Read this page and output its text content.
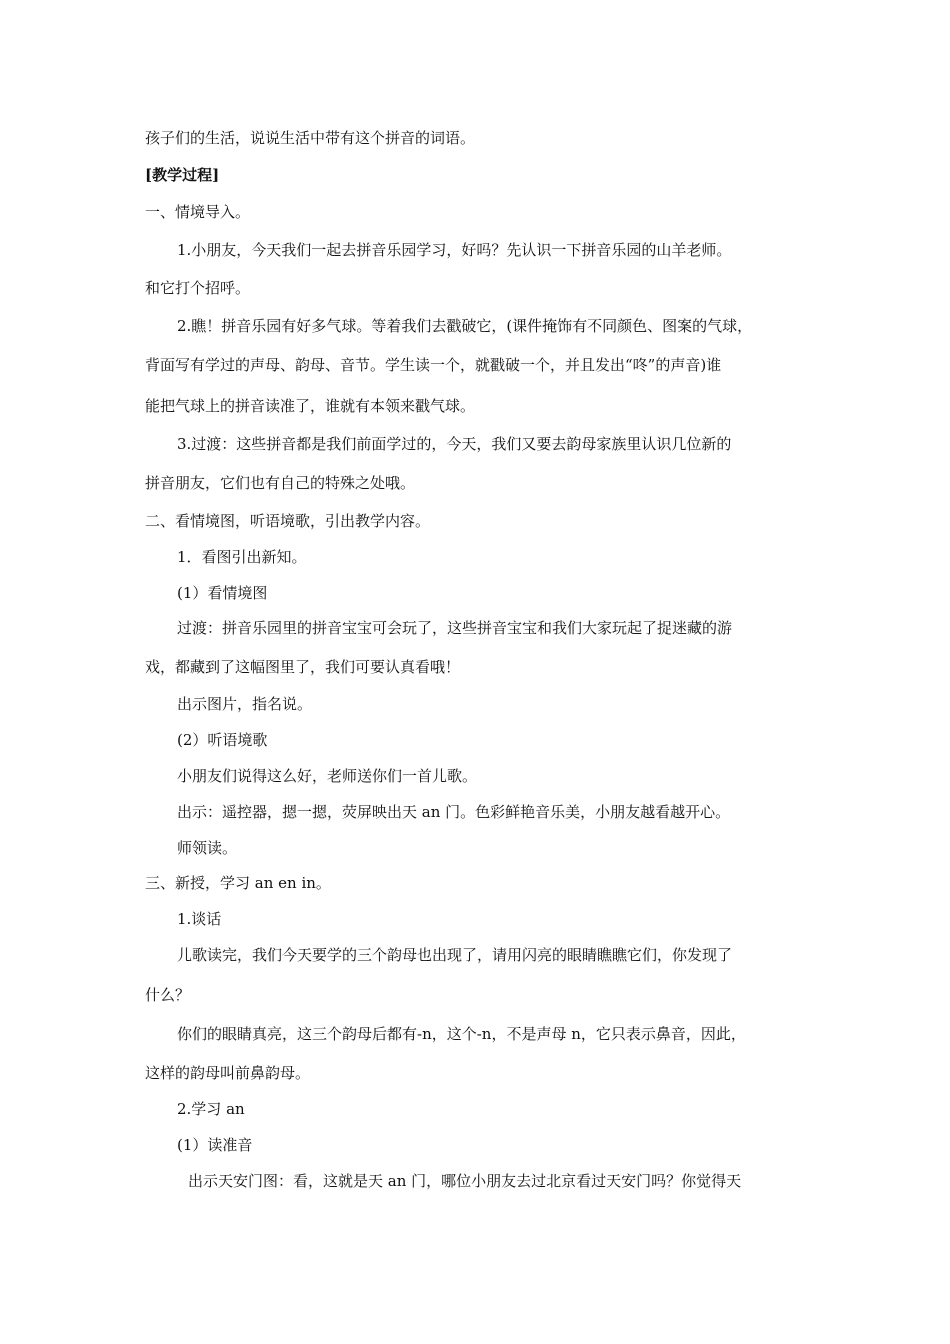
孩子们的生活，说说生活中带有这个拼音的词语。
[教学过程]
一、情境导入。
1.小朋友，今天我们一起去拼音乐园学习，好吗？先认识一下拼音乐园的山羊老师。
和它打个招呼。
2.瞧！拼音乐园有好多气球。等着我们去戳破它，(课件掩饰有不同颜色、图案的气球，
背面写有学过的声母、韵母、音节。学生读一个，就戳破一个，并且发出“咚”的声音)谁
能把气球上的拼音读准了，谁就有本领来戳气球。
3.过渡：这些拼音都是我们前面学过的，今天，我们又要去韵母家族里认识几位新的
拼音朋友，它们也有自己的特殊之处哦。
二、看情境图，听语境歌，引出教学内容。
1．看图引出新知。
(1）看情境图
过渡：拼音乐园里的拼音宝宝可会玩了，这些拼音宝宝和我们大家玩起了捉迷藏的游
戏，都藏到了这幅图里了，我们可要认真看哦！
出示图片，指名说。
(2）听语境歌
小朋友们说得这么好，老师送你们一首儿歌。
出示：遥控器，摁一摁，荧屏映出天 an 门。色彩鲜艳音乐美，小朋友越看越开心。
师领读。
三、新授，学习 an en in。
1.谈话
儿歌读完，我们今天要学的三个韵母也出现了，请用闪亮的眼睛瞧瞧它们，你发现了
什么？
你们的眼睛真亮，这三个韵母后都有-n，这个-n，不是声母 n，它只表示鼻音，因此，
这样的韵母叫前鼻韵母。
2.学习 an
(1）读准音
出示天安门图：看，这就是天 an 门，哪位小朋友去过北京看过天安门吗？你觉得天
